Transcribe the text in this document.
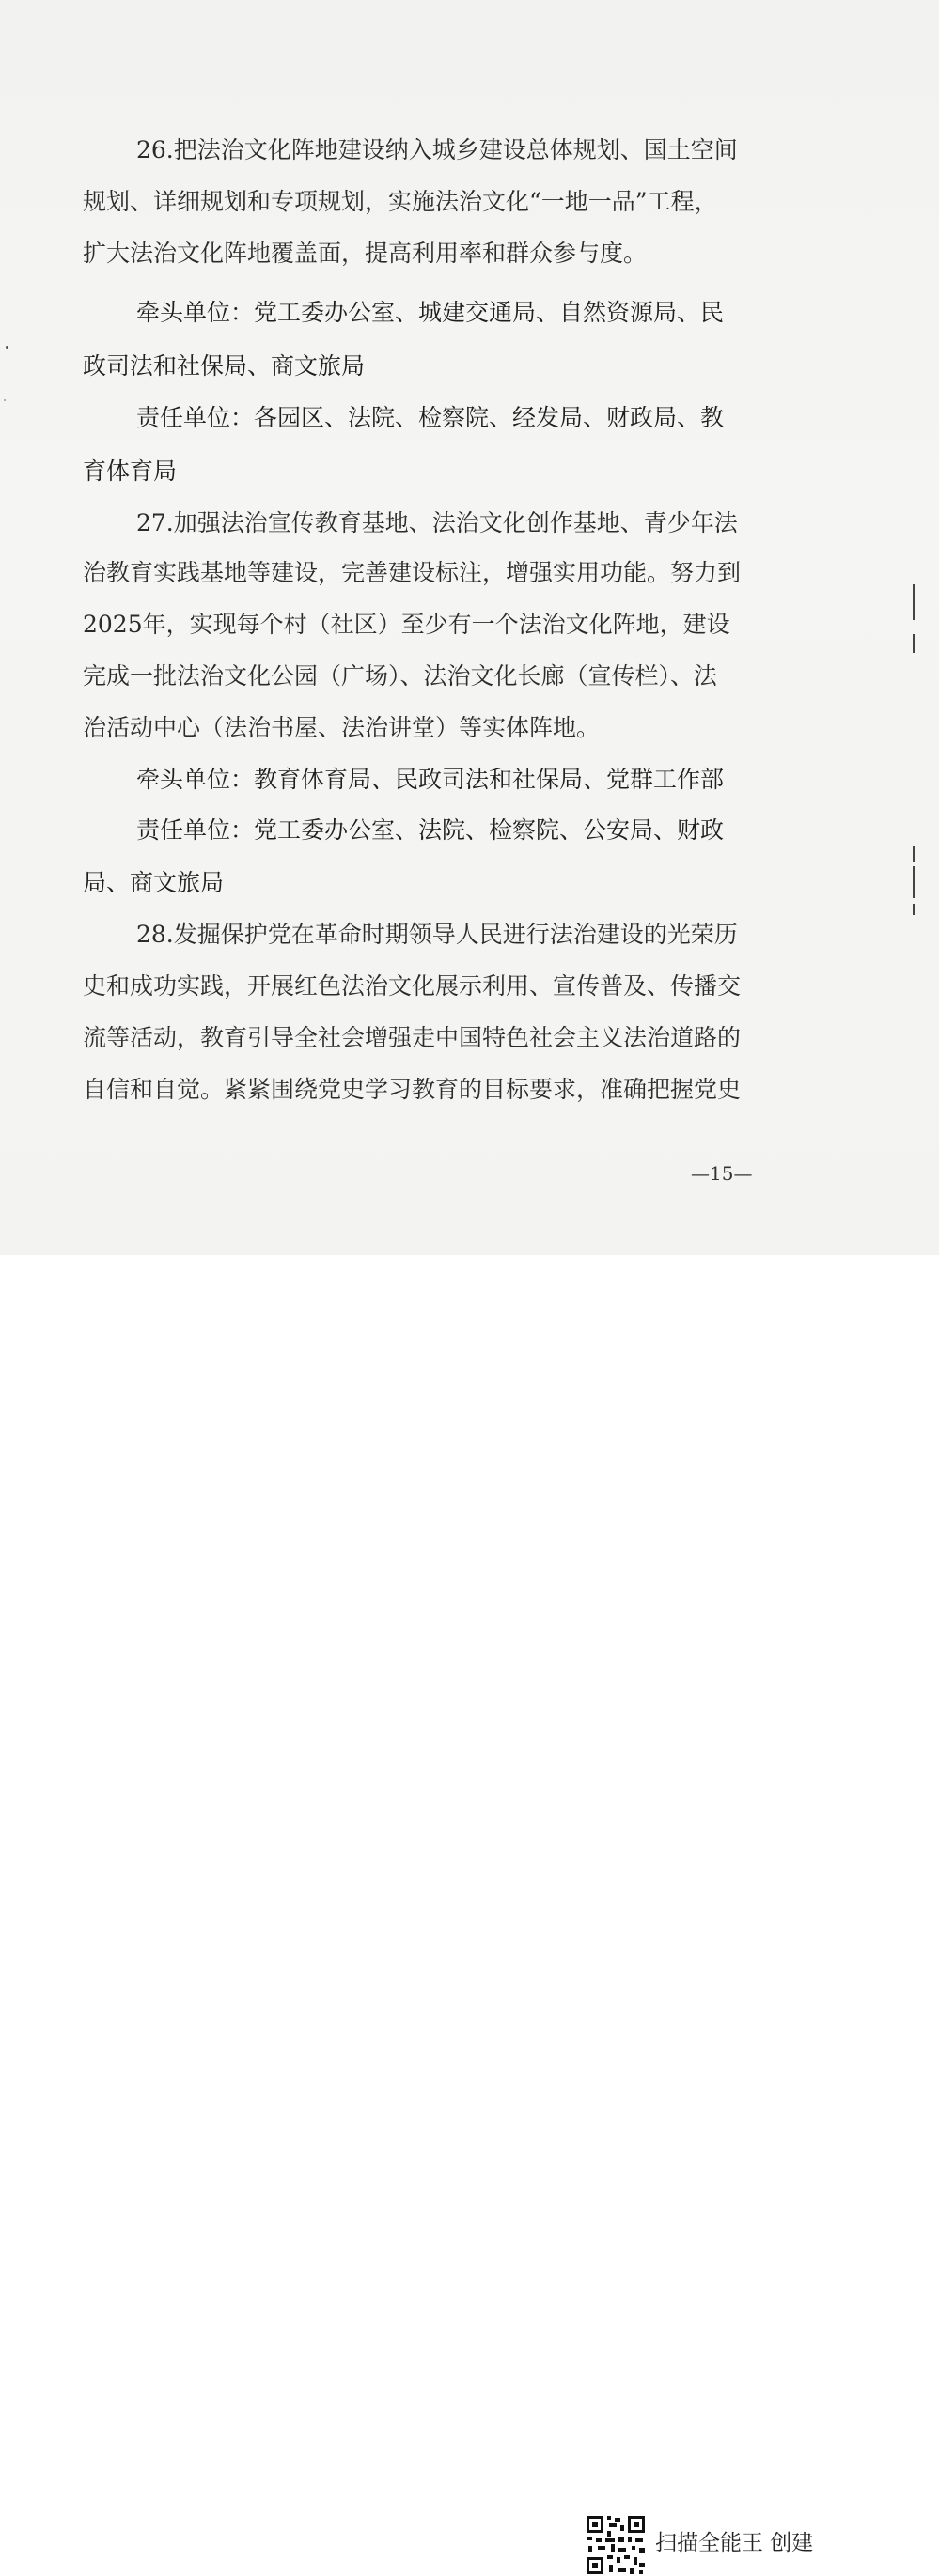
26.把法治文化阵地建设纳入城乡建设总体规划、国土空间
规划、详细规划和专项规划，实施法治文化“一地一品”工程，
扩大法治文化阵地覆盖面，提高利用率和群众参与度。
牵头单位：党工委办公室、城建交通局、自然资源局、民
政司法和社保局、商文旅局
责任单位：各园区、法院、检察院、经发局、财政局、教
育体育局
27.加强法治宣传教育基地、法治文化创作基地、青少年法
治教育实践基地等建设，完善建设标注，增强实用功能。努力到
2025年，实现每个村（社区）至少有一个法治文化阵地，建设
完成一批法治文化公园（广场）、法治文化长廊（宣传栏）、法
治活动中心（法治书屋、法治讲堂）等实体阵地。
牵头单位：教育体育局、民政司法和社保局、党群工作部
责任单位：党工委办公室、法院、检察院、公安局、财政
局、商文旅局
28.发掘保护党在革命时期领导人民进行法治建设的光荣历
史和成功实践，开展红色法治文化展示利用、宣传普及、传播交
流等活动，教育引导全社会增强走中国特色社会主义法治道路的
自信和自觉。紧紧围绕党史学习教育的目标要求，准确把握党史
—15—
扫描全能王 创建
